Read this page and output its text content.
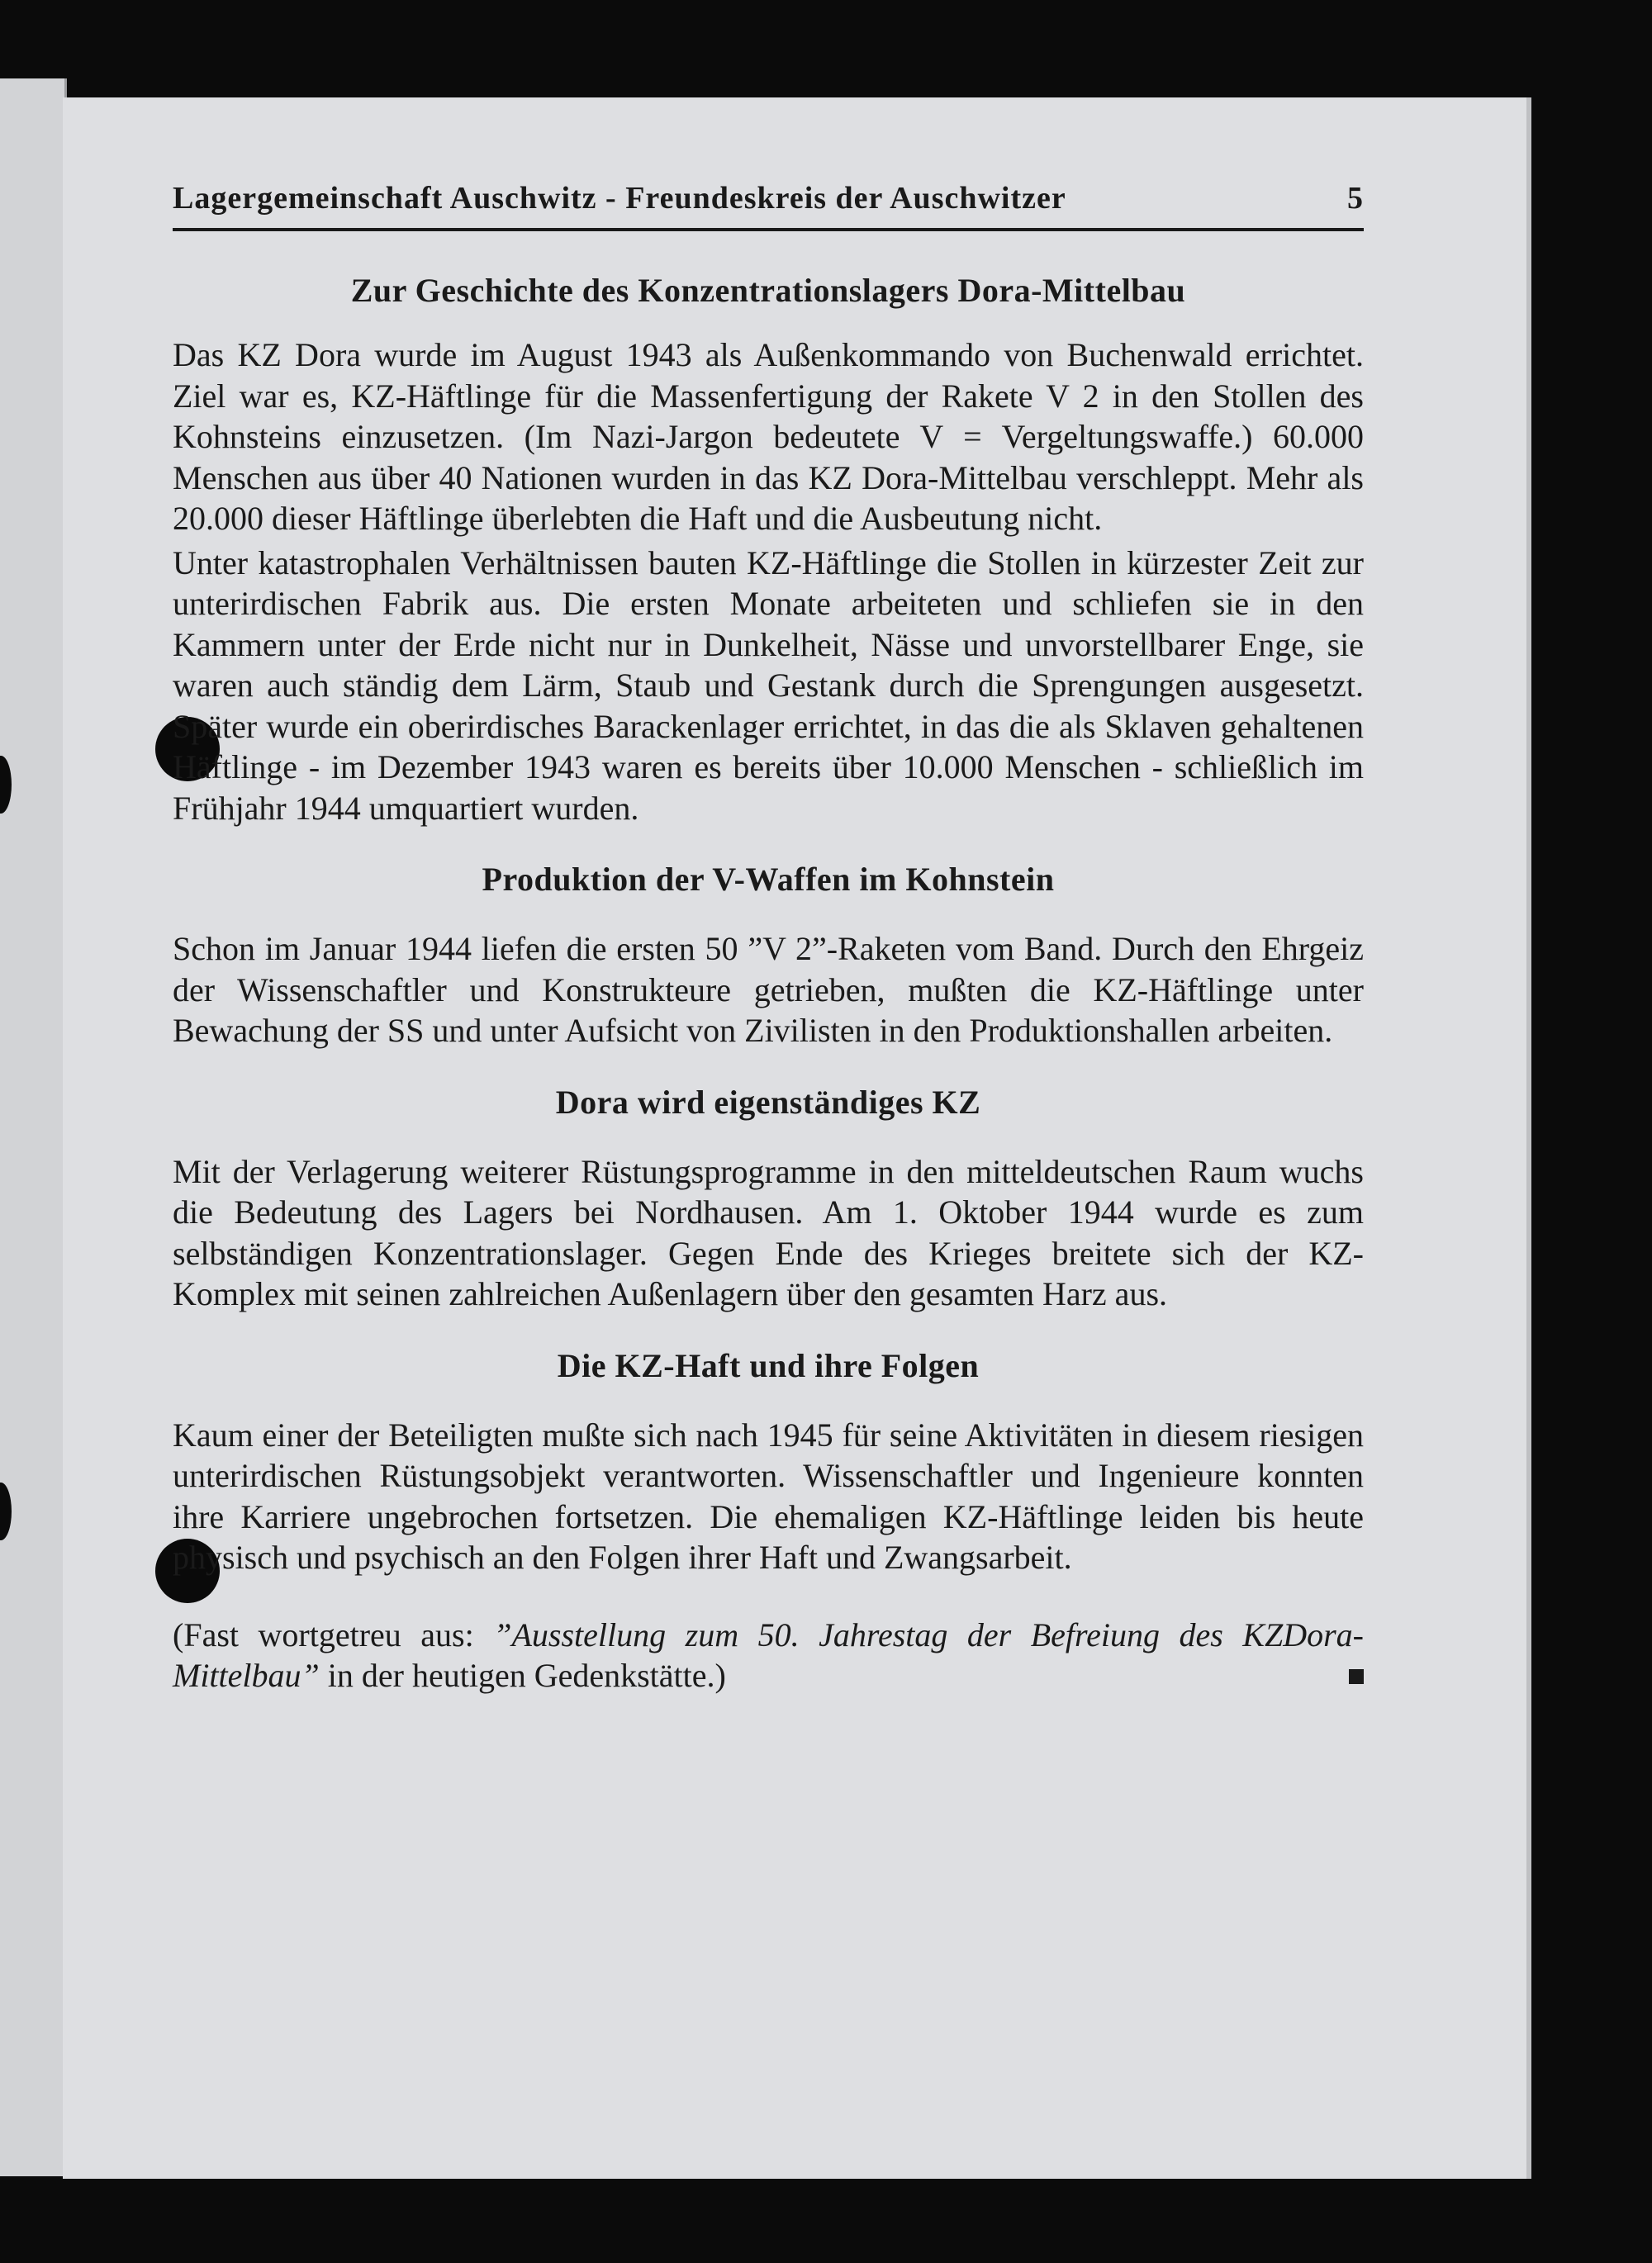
Lagergemeinschaft Auschwitz - Freundeskreis der Auschwitzer	5
Zur Geschichte des Konzentrationslagers Dora-Mittelbau

Das KZ Dora wurde im August 1943 als Außenkommando von Buchenwald errichtet. Ziel war es, KZ-Häftlinge für die Massenfertigung der Rakete V 2 in den Stollen des Kohnsteins einzusetzen. (Im Nazi-Jargon bedeutete V = Vergeltungswaffe.) 60.000 Menschen aus über 40 Nationen wurden in das KZ Dora-Mittelbau verschleppt. Mehr als 20.000 dieser Häftlinge überlebten die Haft und die Ausbeutung nicht.

Unter katastrophalen Verhältnissen bauten KZ-Häftlinge die Stollen in kürzester Zeit zur unterirdischen Fabrik aus. Die ersten Monate arbeiteten und schliefen sie in den Kammern unter der Erde nicht nur in Dunkelheit, Nässe und unvorstellbarer Enge, sie waren auch ständig dem Lärm, Staub und Gestank durch die Sprengungen ausgesetzt. Später wurde ein oberirdisches Barackenlager errichtet, in das die als Sklaven gehaltenen Häftlinge - im Dezember 1943 waren es bereits über 10.000 Menschen - schließlich im Frühjahr 1944 umquartiert wurden.

Produktion der V-Waffen im Kohnstein

Schon im Januar 1944 liefen die ersten 50 ”V 2”-Raketen vom Band. Durch den Ehrgeiz der Wissenschaftler und Konstrukteure getrieben, mußten die KZ-Häftlinge unter Bewachung der SS und unter Aufsicht von Zivilisten in den Produktionshallen arbeiten.

Dora wird eigenständiges KZ

Mit der Verlagerung weiterer Rüstungsprogramme in den mitteldeutschen Raum wuchs die Bedeutung des Lagers bei Nordhausen. Am 1. Oktober 1944 wurde es zum selbständigen Konzentrationslager. Gegen Ende des Krieges breitete sich der KZ-Komplex mit seinen zahlreichen Außenlagern über den gesamten Harz aus.

Die KZ-Haft und ihre Folgen

Kaum einer der Beteiligten mußte sich nach 1945 für seine Aktivitäten in diesem riesigen unterirdischen Rüstungsobjekt verantworten. Wissenschaftler und Ingenieure konnten ihre Karriere ungebrochen fortsetzen. Die ehemaligen KZ-Häftlinge leiden bis heute physisch und psychisch an den Folgen ihrer Haft und Zwangsarbeit.

(Fast wortgetreu aus: ”Ausstellung zum 50. Jahrestag der Befreiung des KZDora-Mittelbau” in der heutigen Gedenkstätte.)
